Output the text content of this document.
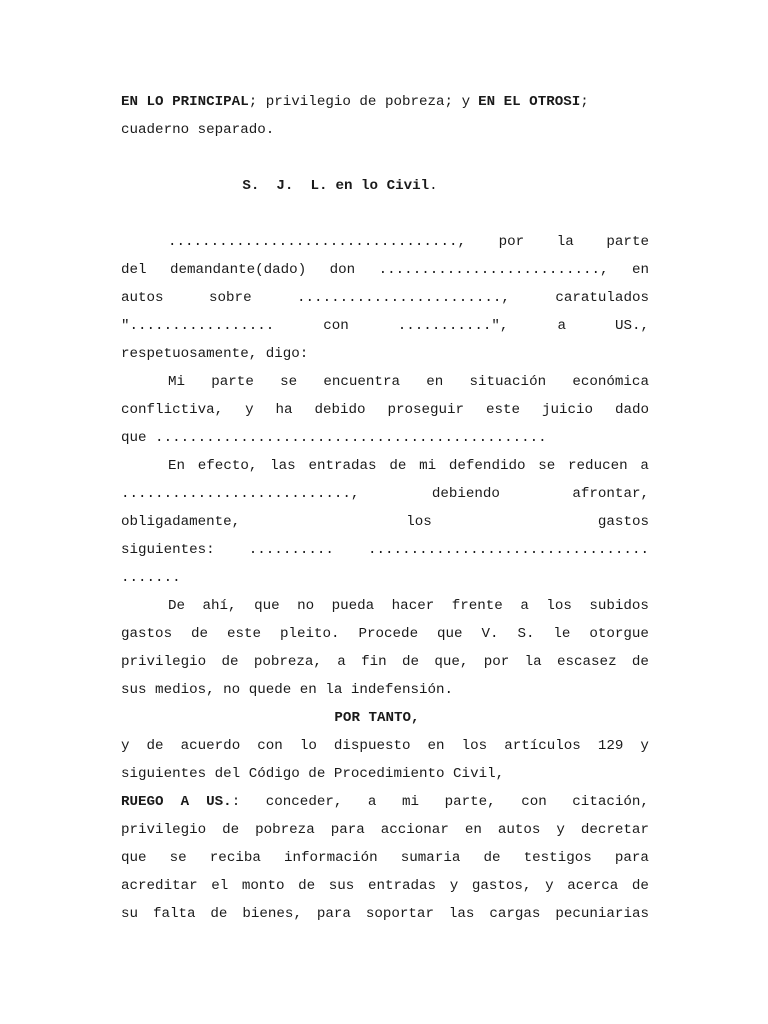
EN LO PRINCIPAL ; privilegio de pobreza; y EN EL OTROSI ;
cuaderno separado.
S.  J.  L. en lo Civil .
.................................., por la parte
del demandante(dado) don .........................., en
autos	sobre	........................,	caratulados
".................	con	...........",	a	US.,
respetuosamente, digo:
Mi parte se encuentra en situación económica
conflictiva, y ha debido proseguir este juicio dado
que ..............................................
En efecto, las entradas de mi defendido se reducen a
...........................,	debiendo	afrontar,
obligadamente,	los	gastos
siguientes: .......... .................................
.......
De ahí, que no pueda hacer frente a los subidos
gastos de este pleito. Procede que V. S. le otorgue
privilegio de pobreza, a fin de que, por la escasez de
sus medios, no quede en la indefensión.
POR TANTO,
y de acuerdo con lo dispuesto en los artículos 129 y
siguientes del Código de Procedimiento Civil,
RUEGO  A  US.: conceder, a mi parte, con citación,
privilegio de pobreza para accionar en autos y decretar
que se reciba información sumaria de testigos para
acreditar el monto de sus entradas y gastos, y acerca de
su falta de bienes, para soportar las cargas pecuniarias
